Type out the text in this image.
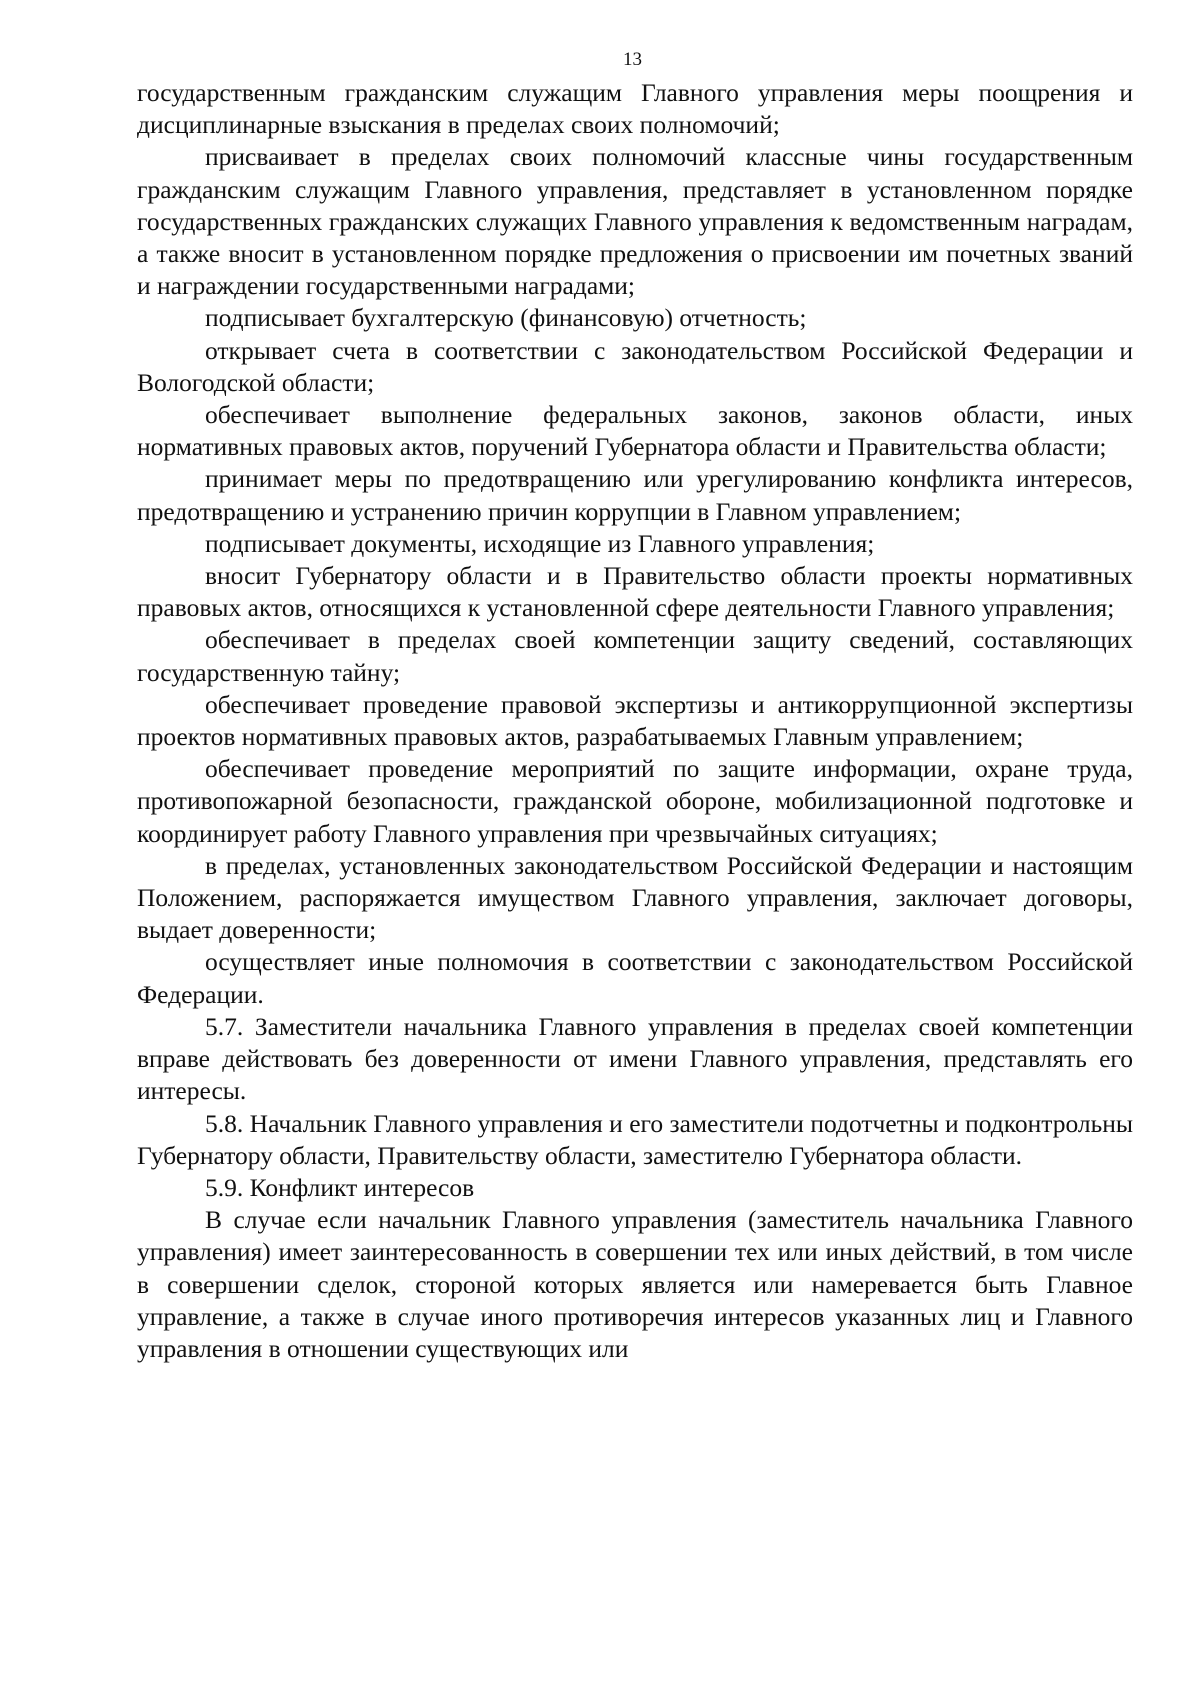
13

государственным гражданским служащим Главного управления меры поощрения и дисциплинарные взыскания в пределах своих полномочий;

присваивает в пределах своих полномочий классные чины государственным гражданским служащим Главного управления, представляет в установленном порядке государственных гражданских служащих Главного управления к ведомственным наградам, а также вносит в установленном порядке предложения о присвоении им почетных званий и награждении государственными наградами;

подписывает бухгалтерскую (финансовую) отчетность;

открывает счета в соответствии с законодательством Российской Федерации и Вологодской области;

обеспечивает выполнение федеральных законов, законов области, иных нормативных правовых актов, поручений Губернатора области и Правительства области;

принимает меры по предотвращению или урегулированию конфликта интересов, предотвращению и устранению причин коррупции в Главном управлением;

подписывает документы, исходящие из Главного управления;

вносит Губернатору области и в Правительство области проекты нормативных правовых актов, относящихся к установленной сфере деятельности Главного управления;

обеспечивает в пределах своей компетенции защиту сведений, составляющих государственную тайну;

обеспечивает проведение правовой экспертизы и антикоррупционной экспертизы проектов нормативных правовых актов, разрабатываемых Главным управлением;

обеспечивает проведение мероприятий по защите информации, охране труда, противопожарной безопасности, гражданской обороне, мобилизационной подготовке и координирует работу Главного управления при чрезвычайных ситуациях;

в пределах, установленных законодательством Российской Федерации и настоящим Положением, распоряжается имуществом Главного управления, заключает договоры, выдает доверенности;

осуществляет иные полномочия в соответствии с законодательством Российской Федерации.

5.7. Заместители начальника Главного управления в пределах своей компетенции вправе действовать без доверенности от имени Главного управления, представлять его интересы.

5.8. Начальник Главного управления и его заместители подотчетны и подконтрольны Губернатору области, Правительству области, заместителю Губернатора области.

5.9. Конфликт интересов

В случае если начальник Главного управления (заместитель начальника Главного управления) имеет заинтересованность в совершении тех или иных действий, в том числе в совершении сделок, стороной которых является или намеревается быть Главное управление, а также в случае иного противоречия интересов указанных лиц и Главного управления в отношении существующих или
